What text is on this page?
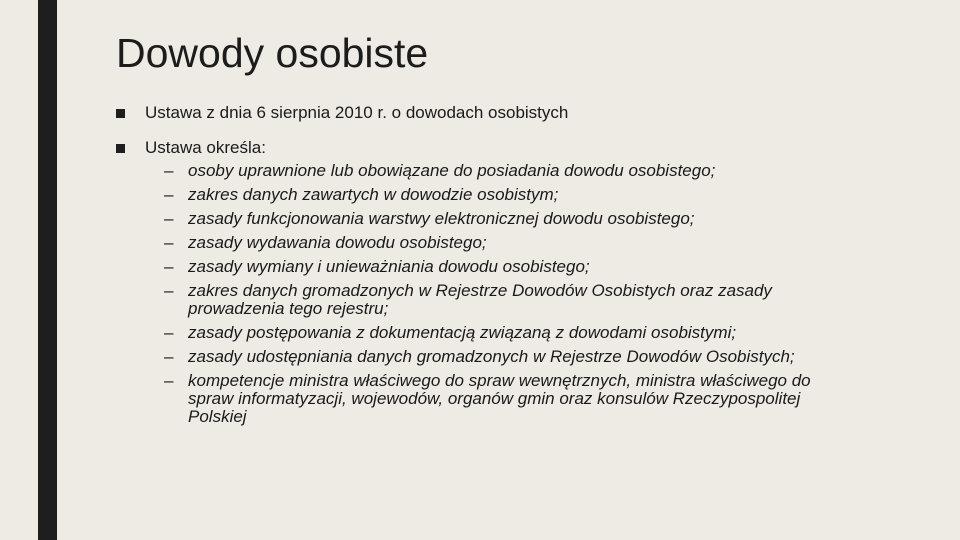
Dowody osobiste
Ustawa z dnia 6 sierpnia 2010 r. o dowodach osobistych
Ustawa określa:
– osoby uprawnione lub obowiązane do posiadania dowodu osobistego;
– zakres danych zawartych w dowodzie osobistym;
– zasady funkcjonowania warstwy elektronicznej dowodu osobistego;
– zasady wydawania dowodu osobistego;
– zasady wymiany i unieważniania dowodu osobistego;
– zakres danych gromadzonych w Rejestrze Dowodów Osobistych oraz zasady prowadzenia tego rejestru;
– zasady postępowania z dokumentacją związaną z dowodami osobistymi;
– zasady udostępniania danych gromadzonych w Rejestrze Dowodów Osobistych;
– kompetencje ministra właściwego do spraw wewnętrznych, ministra właściwego do spraw informatyzacji, wojewodów, organów gmin oraz konsulów Rzeczypospolitej Polskiej
